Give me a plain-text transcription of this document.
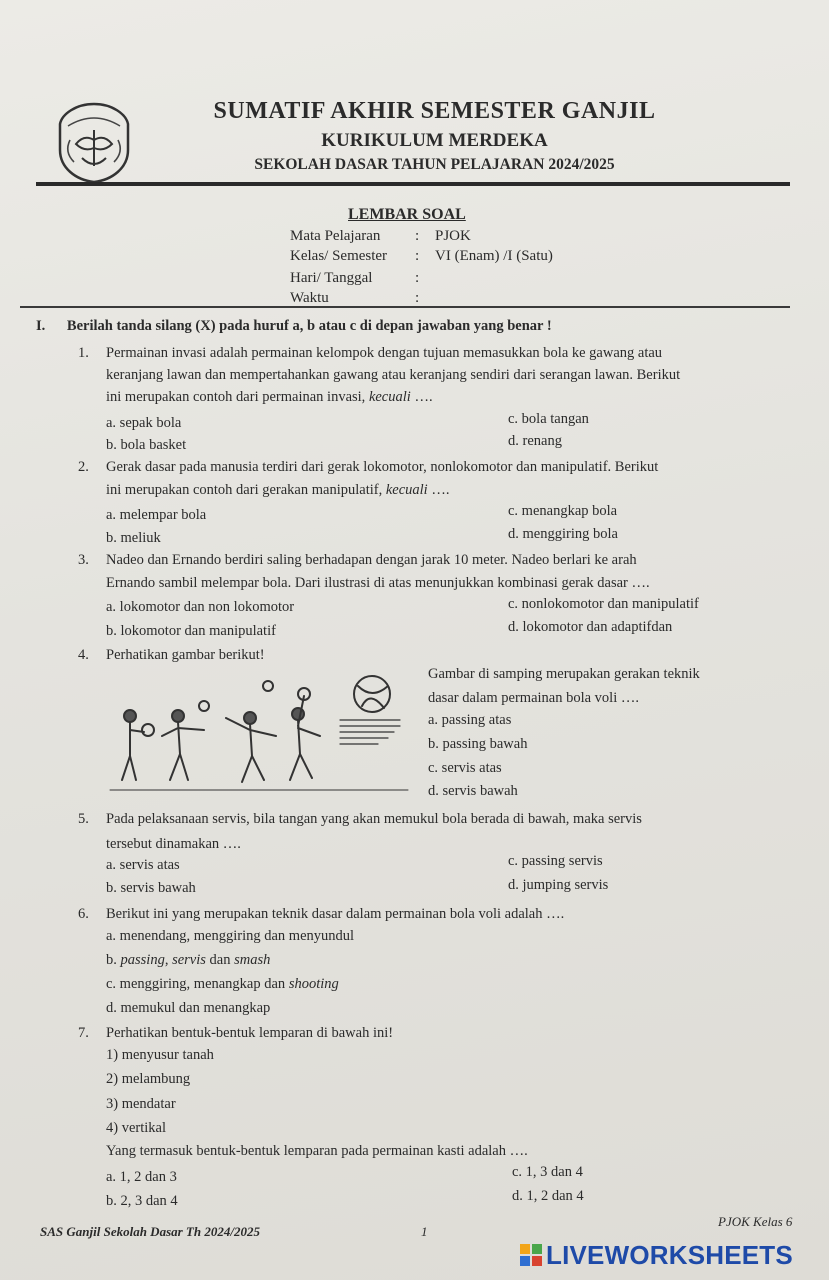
SUMATIF AKHIR SEMESTER GANJIL
KURIKULUM MERDEKA
SEKOLAH DASAR TAHUN PELAJARAN 2024/2025
LEMBAR SOAL
Mata Pelajaran : PJOK
Kelas/ Semester : VI (Enam) /I (Satu)
Hari/ Tanggal	:
Waktu	:
I. Berilah tanda silang (X) pada huruf a, b atau c di depan jawaban yang benar !
1. Permainan invasi adalah permainan kelompok dengan tujuan memasukkan bola ke gawang atau
keranjang lawan dan mempertahankan gawang atau keranjang sendiri dari serangan lawan. Berikut
ini merupakan contoh dari permainan invasi, kecuali ….
a. sepak bola
b. bola basket
c. bola tangan
d. renang
2. Gerak dasar pada manusia terdiri dari gerak lokomotor, nonlokomotor dan manipulatif. Berikut
ini merupakan contoh dari gerakan manipulatif, kecuali ….
a. melempar bola
b. meliuk
c. menangkap bola
d. menggiring bola
3. Nadeo dan Ernando berdiri saling berhadapan dengan jarak 10 meter. Nadeo berlari ke arah
Ernando sambil melempar bola. Dari ilustrasi di atas menunjukkan kombinasi gerak dasar ….
a. lokomotor dan non lokomotor
b. lokomotor dan manipulatif
c. nonlokomotor dan manipulatif
d. lokomotor dan adaptifdan
4. Perhatikan gambar berikut!
Gambar di samping merupakan gerakan teknik
dasar dalam permainan bola voli ….
a. passing atas
b. passing bawah
c. servis atas
d. servis bawah
5. Pada pelaksanaan servis, bila tangan yang akan memukul bola berada di bawah, maka servis
tersebut dinamakan ….
a. servis atas
b. servis bawah
c. passing servis
d. jumping servis
6. Berikut ini yang merupakan teknik dasar dalam permainan bola voli adalah ….
a. menendang, menggiring dan menyundul
b. passing, servis dan smash
c. menggiring, menangkap dan shooting
d. memukul dan menangkap
7. Perhatikan bentuk-bentuk lemparan di bawah ini!
1) menyusur tanah
2) melambung
3) mendatar
4) vertikal
Yang termasuk bentuk-bentuk lemparan pada permainan kasti adalah ….
a. 1, 2 dan 3
b. 2, 3 dan 4
c. 1, 3 dan 4
d. 1, 2 dan 4
SAS Ganjil Sekolah Dasar Th 2024/2025	1
PJOK Kelas 6
LIVEWORKSHEETS
